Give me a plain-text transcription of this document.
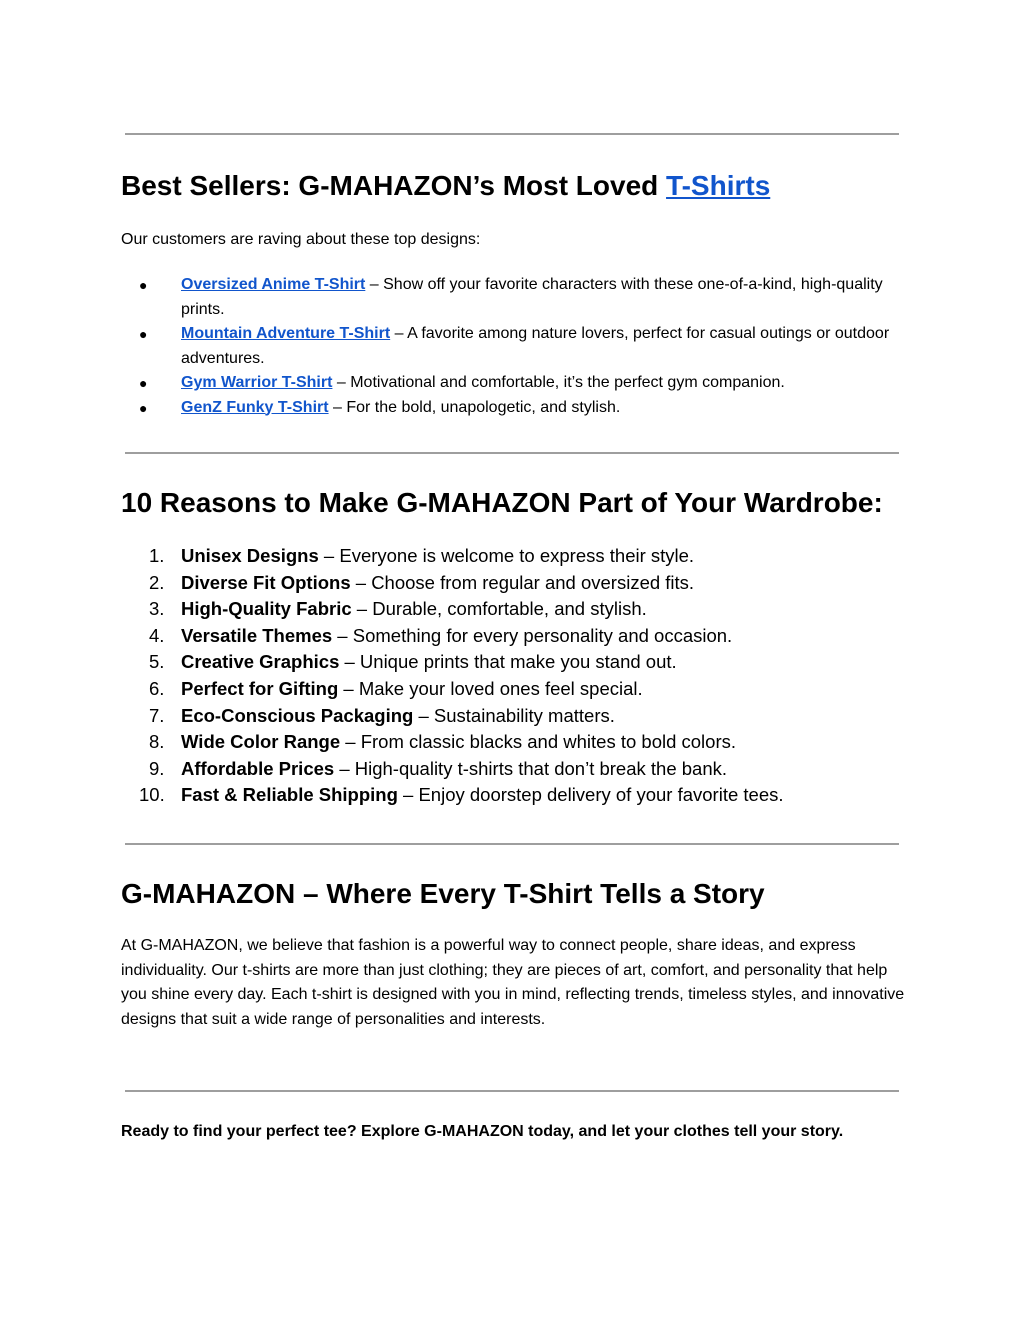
Best Sellers: G-MAHAZON’s Most Loved T-Shirts

Our customers are raving about these top designs:

● Oversized Anime T-Shirt – Show off your favorite characters with these one-of-a-kind, high-quality prints.
● Mountain Adventure T-Shirt – A favorite among nature lovers, perfect for casual outings or outdoor adventures.
● Gym Warrior T-Shirt – Motivational and comfortable, it’s the perfect gym companion.
● GenZ Funky T-Shirt – For the bold, unapologetic, and stylish.
10 Reasons to Make G-MAHAZON Part of Your Wardrobe:
1. Unisex Designs – Everyone is welcome to express their style.
2. Diverse Fit Options – Choose from regular and oversized fits.
3. High-Quality Fabric – Durable, comfortable, and stylish.
4. Versatile Themes – Something for every personality and occasion.
5. Creative Graphics – Unique prints that make you stand out.
6. Perfect for Gifting – Make your loved ones feel special.
7. Eco-Conscious Packaging – Sustainability matters.
8. Wide Color Range – From classic blacks and whites to bold colors.
9. Affordable Prices – High-quality t-shirts that don’t break the bank.
10. Fast & Reliable Shipping – Enjoy doorstep delivery of your favorite tees.
G-MAHAZON – Where Every T-Shirt Tells a Story

At G-MAHAZON, we believe that fashion is a powerful way to connect people, share ideas, and express individuality. Our t-shirts are more than just clothing; they are pieces of art, comfort, and personality that help you shine every day. Each t-shirt is designed with you in mind, reflecting trends, timeless styles, and innovative designs that suit a wide range of personalities and interests.

Ready to find your perfect tee? Explore G-MAHAZON today, and let your clothes tell your story.
